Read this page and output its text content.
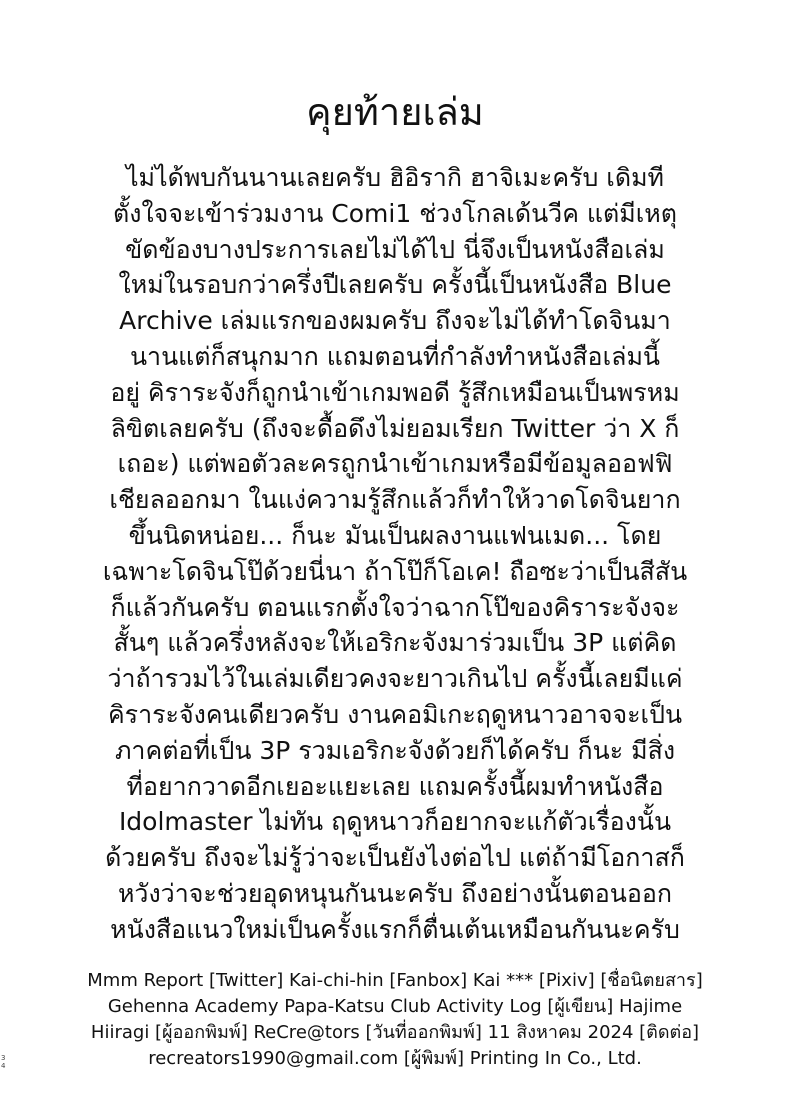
คุยท้ายเล่ม
ไม่ได้พบกันนานเลยครับ ฮิอิรากิ ฮาจิเมะครับ เดิมที
ตั้งใจจะเข้าร่วมงาน Comi1 ช่วงโกลเด้นวีค แต่มีเหตุ
ขัดข้องบางประการเลยไม่ได้ไป นี่จึงเป็นหนังสือเล่ม
ใหม่ในรอบกว่าครึ่งปีเลยครับ ครั้งนี้เป็นหนังสือ Blue
Archive เล่มแรกของผมครับ ถึงจะไม่ได้ทำโดจินมา
นานแต่ก็สนุกมาก แถมตอนที่กำลังทำหนังสือเล่มนี้
อยู่ คิราระจังก็ถูกนำเข้าเกมพอดี รู้สึกเหมือนเป็นพรหม
ลิขิตเลยครับ (ถึงจะดื้อดึงไม่ยอมเรียก Twitter ว่า X ก็
เถอะ) แต่พอตัวละครถูกนำเข้าเกมหรือมีข้อมูลออฟฟิ
เชียลออกมา ในแง่ความรู้สึกแล้วก็ทำให้วาดโดจินยาก
ขึ้นนิดหน่อย... ก็นะ มันเป็นผลงานแฟนเมด... โดย
เฉพาะโดจินโป๊ด้วยนี่นา ถ้าโป๊ก็โอเค! ถือซะว่าเป็นสีสัน
ก็แล้วกันครับ ตอนแรกตั้งใจว่าฉากโป๊ของคิราระจังจะ
สั้นๆ แล้วครึ่งหลังจะให้เอริกะจังมาร่วมเป็น 3P แต่คิด
ว่าถ้ารวมไว้ในเล่มเดียวคงจะยาวเกินไป ครั้งนี้เลยมีแค่
คิราระจังคนเดียวครับ งานคอมิเกะฤดูหนาวอาจจะเป็น
ภาคต่อที่เป็น 3P รวมเอริกะจังด้วยก็ได้ครับ ก็นะ มีสิ่ง
ที่อยากวาดอีกเยอะแยะเลย แถมครั้งนี้ผมทำหนังสือ
Idolmaster ไม่ทัน ฤดูหนาวก็อยากจะแก้ตัวเรื่องนั้น
ด้วยครับ ถึงจะไม่รู้ว่าจะเป็นยังไงต่อไป แต่ถ้ามีโอกาสก็
หวังว่าจะช่วยอุดหนุนกันนะครับ ถึงอย่างนั้นตอนออก
หนังสือแนวใหม่เป็นครั้งแรกก็ตื่นเต้นเหมือนกันนะครับ
Mmm Report [Twitter] Kai-chi-hin [Fanbox] Kai *** [Pixiv] [ชื่อนิตยสาร]
Gehenna Academy Papa-Katsu Club Activity Log [ผู้เขียน] Hajime
Hiiragi [ผู้ออกพิมพ์] ReCre@tors [วันที่ออกพิมพ์] 11 สิงหาคม 2024 [ติดต่อ]
recreators1990@gmail.com [ผู้พิมพ์] Printing In Co., Ltd.
3
4
